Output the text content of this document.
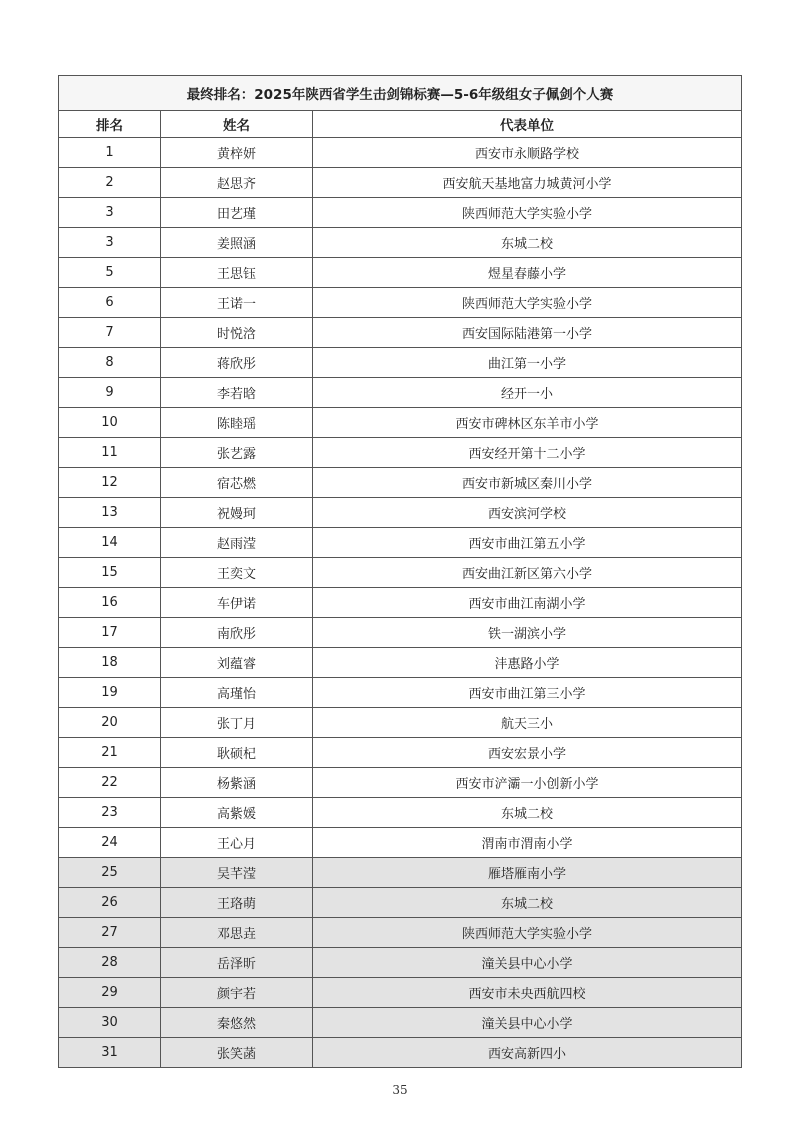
最终排名：2025年陕西省学生击剑锦标赛—5-6年级组女子佩剑个人赛		
排名	姓名	代表单位
1	黄梓妍	西安市永顺路学校
2	赵思齐	西安航天基地富力城黄河小学
3	田艺瑾	陕西师范大学实验小学
3	姜照涵	东城二校
5	王思钰	煜星春藤小学
6	王诺一	陕西师范大学实验小学
7	时悦浛	西安国际陆港第一小学
8	蒋欣彤	曲江第一小学
9	李若晗	经开一小
10	陈睦瑶	西安市碑林区东羊市小学
11	张艺露	西安经开第十二小学
12	宿芯燃	西安市新城区秦川小学
13	祝嫚珂	西安滨河学校
14	赵雨滢	西安市曲江第五小学
15	王奕文	西安曲江新区第六小学
16	车伊诺	西安市曲江南湖小学
17	南欣彤	铁一湖滨小学
18	刘蕴睿	沣惠路小学
19	高瑾怡	西安市曲江第三小学
20	张丁月	航天三小
21	耿硕杞	西安宏景小学
22	杨紫涵	西安市浐灞一小创新小学
23	高紫媛	东城二校
24	王心月	渭南市渭南小学
25	吴芊滢	雁塔雁南小学
26	王珞萌	东城二校
27	邓思垚	陕西师范大学实验小学
28	岳泽昕	潼关县中心小学
29	颜宇若	西安市未央西航四校
30	秦悠然	潼关县中心小学
31	张笑菡	西安高新四小
35
